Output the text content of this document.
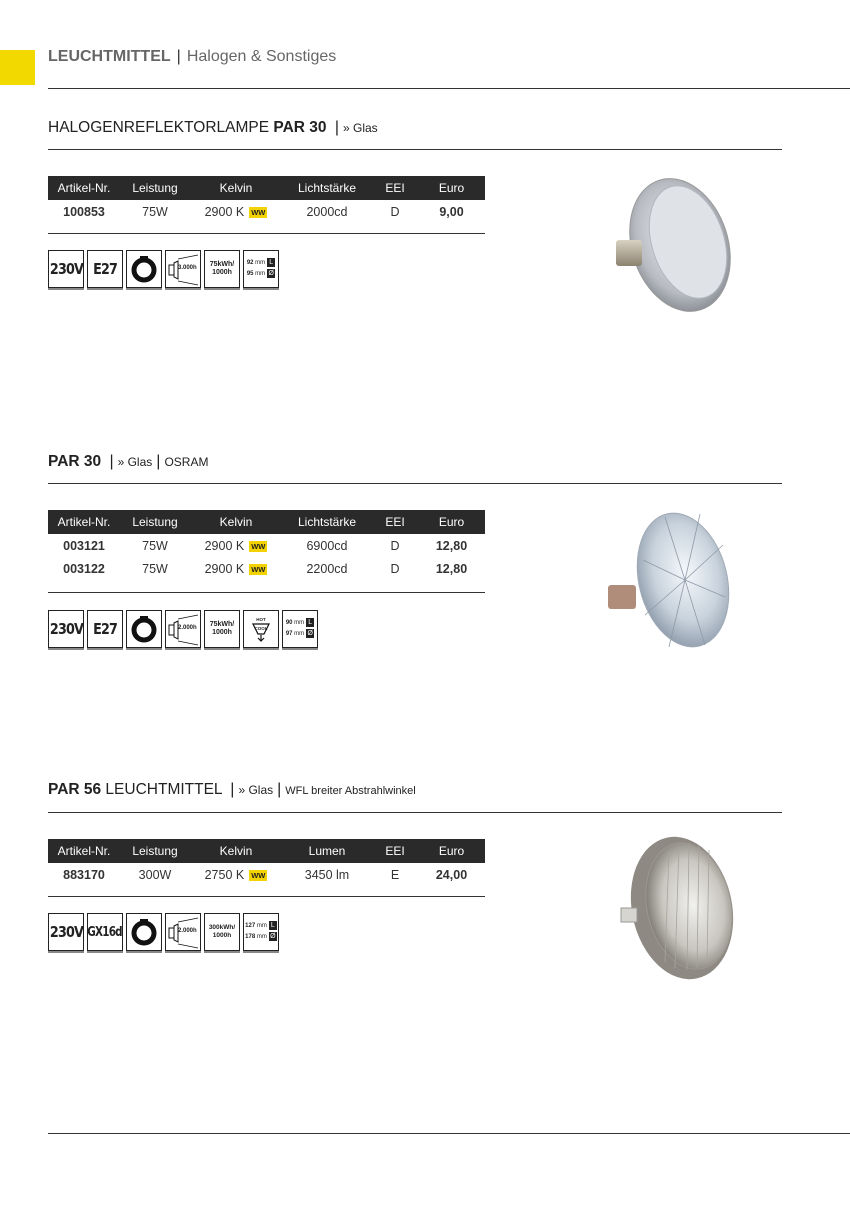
LEUCHTMITTEL | Halogen & Sonstiges
HALOGENREFLEKTORLAMPE PAR 30 | » Glas
Artikel-Nr.	Leistung	Kelvin	Lichtstärke	EEI	Euro
100853	75W	2900 K WW	2000cd	D	9,00
230V E27	3.000h	75kWh/ 1000h
92 mm L
95 mm Ø
PAR 30 | » Glas | OSRAM
Artikel-Nr.	Leistung	Kelvin	Lichtstärke	EEI	Euro
003121	75W	2900 K WW	6900cd	D	12,80
003122	75W	2900 K WW	2200cd	D	12,80
230V E27	2.000h	75kWh/ 1000h
HOT
COOL
90 mm L
97 mm Ø
PAR 56 LEUCHTMITTEL | » Glas | WFL breiter Abstrahlwinkel
Artikel-Nr.	Leistung	Kelvin	Lumen	EEI	Euro
883170	300W	2750 K WW	3450 lm	E	24,00
230V GX16d	2.000h	300kWh/ 1000h
127 mm L
178 mm Ø
